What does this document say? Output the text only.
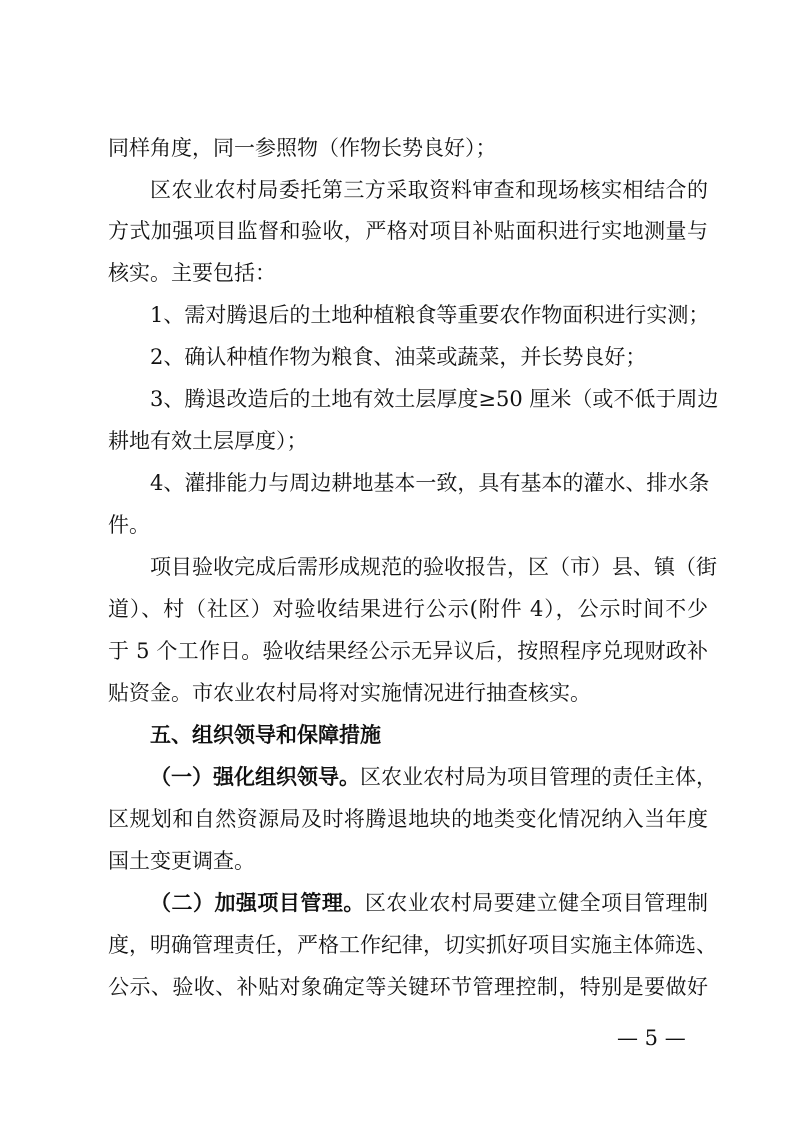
同样角度，同一参照物（作物长势良好）；
区农业农村局委托第三方采取资料审查和现场核实相结合的
方式加强项目监督和验收，严格对项目补贴面积进行实地测量与
核实。主要包括：
1、需对腾退后的土地种植粮食等重要农作物面积进行实测；
2、确认种植作物为粮食、油菜或蔬菜，并长势良好；
3、腾退改造后的土地有效土层厚度≥50 厘米（或不低于周边
耕地有效土层厚度）；
4、灌排能力与周边耕地基本一致，具有基本的灌水、排水条
件。
项目验收完成后需形成规范的验收报告，区（市）县、镇（街
道）、村（社区）对验收结果进行公示(附件 4），公示时间不少
于 5 个工作日。验收结果经公示无异议后，按照程序兑现财政补
贴资金。市农业农村局将对实施情况进行抽查核实。
五、组织领导和保障措施
（一）强化组织领导。区农业农村局为项目管理的责任主体，
区规划和自然资源局及时将腾退地块的地类变化情况纳入当年度
国土变更调查。
（二）加强项目管理。区农业农村局要建立健全项目管理制
度，明确管理责任，严格工作纪律，切实抓好项目实施主体筛选、
公示、验收、补贴对象确定等关键环节管理控制，特别是要做好
— 5 —
